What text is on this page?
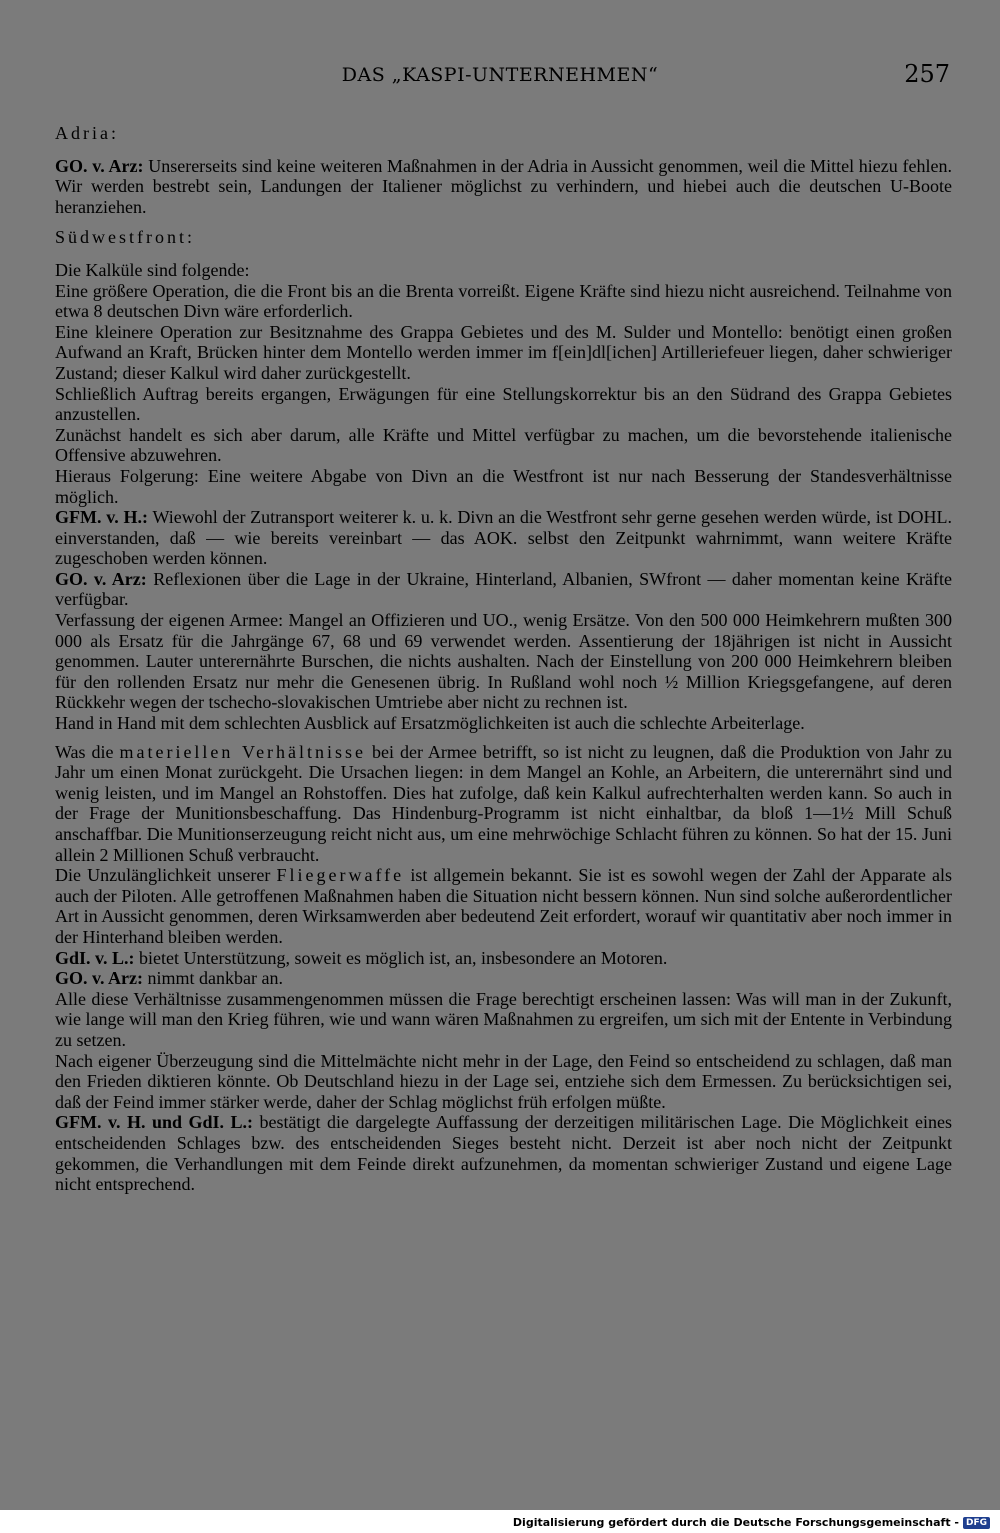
DAS „KASPI-UNTERNEHMEN“	257
Adria:

GO. v. Arz: Unsererseits sind keine weiteren Maßnahmen in der Adria in Aussicht genommen, weil die Mittel hiezu fehlen. Wir werden bestrebt sein, Landungen der Italiener möglichst zu verhindern, und hiebei auch die deutschen U-Boote heranziehen.

Südwestfront:

Die Kalküle sind folgende:

Eine größere Operation, die die Front bis an die Brenta vorreißt. Eigene Kräfte sind hiezu nicht ausreichend. Teilnahme von etwa 8 deutschen Divn wäre erforderlich.

Eine kleinere Operation zur Besitznahme des Grappa Gebietes und des M. Sulder und Montello: benötigt einen großen Aufwand an Kraft, Brücken hinter dem Montello werden immer im f[ein]dl[ichen] Artilleriefeuer liegen, daher schwieriger Zustand; dieser Kalkul wird daher zurückgestellt.

Schließlich Auftrag bereits ergangen, Erwägungen für eine Stellungskorrektur bis an den Südrand des Grappa Gebietes anzustellen.

Zunächst handelt es sich aber darum, alle Kräfte und Mittel verfügbar zu machen, um die bevorstehende italienische Offensive abzuwehren.

Hieraus Folgerung: Eine weitere Abgabe von Divn an die Westfront ist nur nach Besserung der Standesverhältnisse möglich.

GFM. v. H.: Wiewohl der Zutransport weiterer k. u. k. Divn an die Westfront sehr gerne gesehen werden würde, ist DOHL. einverstanden, daß — wie bereits vereinbart — das AOK. selbst den Zeitpunkt wahrnimmt, wann weitere Kräfte zugeschoben werden können.

GO. v. Arz: Reflexionen über die Lage in der Ukraine, Hinterland, Albanien, SWfront — daher momentan keine Kräfte verfügbar.

Verfassung der eigenen Armee: Mangel an Offizieren und UO., wenig Ersätze. Von den 500 000 Heimkehrern mußten 300 000 als Ersatz für die Jahrgänge 67, 68 und 69 verwendet werden. Assentierung der 18jährigen ist nicht in Aussicht genommen. Lauter unterernährte Burschen, die nichts aushalten. Nach der Einstellung von 200 000 Heimkehrern bleiben für den rollenden Ersatz nur mehr die Genesenen übrig. In Rußland wohl noch ½ Million Kriegsgefangene, auf deren Rückkehr wegen der tschecho-slovakischen Umtriebe aber nicht zu rechnen ist.

Hand in Hand mit dem schlechten Ausblick auf Ersatzmöglichkeiten ist auch die schlechte Arbeiterlage.

Was die materiellen Verhältnisse bei der Armee betrifft, so ist nicht zu leugnen, daß die Produktion von Jahr zu Jahr um einen Monat zurückgeht. Die Ursachen liegen: in dem Mangel an Kohle, an Arbeitern, die unterernährt sind und wenig leisten, und im Mangel an Rohstoffen. Dies hat zufolge, daß kein Kalkul aufrechterhalten werden kann. So auch in der Frage der Munitionsbeschaffung. Das Hindenburg-Programm ist nicht einhaltbar, da bloß 1—1½ Mill Schuß anschaffbar. Die Munitionserzeugung reicht nicht aus, um eine mehrwöchige Schlacht führen zu können. So hat der 15. Juni allein 2 Millionen Schuß verbraucht.

Die Unzulänglichkeit unserer Fliegerwaffe ist allgemein bekannt. Sie ist es sowohl wegen der Zahl der Apparate als auch der Piloten. Alle getroffenen Maßnahmen haben die Situation nicht bessern können. Nun sind solche außerordentlicher Art in Aussicht genommen, deren Wirksamwerden aber bedeutend Zeit erfordert, worauf wir quantitativ aber noch immer in der Hinterhand bleiben werden.

GdI. v. L.: bietet Unterstützung, soweit es möglich ist, an, insbesondere an Motoren.

GO. v. Arz: nimmt dankbar an.

Alle diese Verhältnisse zusammengenommen müssen die Frage berechtigt erscheinen lassen: Was will man in der Zukunft, wie lange will man den Krieg führen, wie und wann wären Maßnahmen zu ergreifen, um sich mit der Entente in Verbindung zu setzen.

Nach eigener Überzeugung sind die Mittelmächte nicht mehr in der Lage, den Feind so entscheidend zu schlagen, daß man den Frieden diktieren könnte. Ob Deutschland hiezu in der Lage sei, entziehe sich dem Ermessen. Zu berücksichtigen sei, daß der Feind immer stärker werde, daher der Schlag möglichst früh erfolgen müßte.

GFM. v. H. und GdI. L.: bestätigt die dargelegte Auffassung der derzeitigen militärischen Lage. Die Möglichkeit eines entscheidenden Schlages bzw. des entscheidenden Sieges besteht nicht. Derzeit ist aber noch nicht der Zeitpunkt gekommen, die Verhandlungen mit dem Feinde direkt aufzunehmen, da momentan schwieriger Zustand und eigene Lage nicht entsprechend.

Digitalisierung gefördert durch die Deutsche Forschungsgemeinschaft - DFG
